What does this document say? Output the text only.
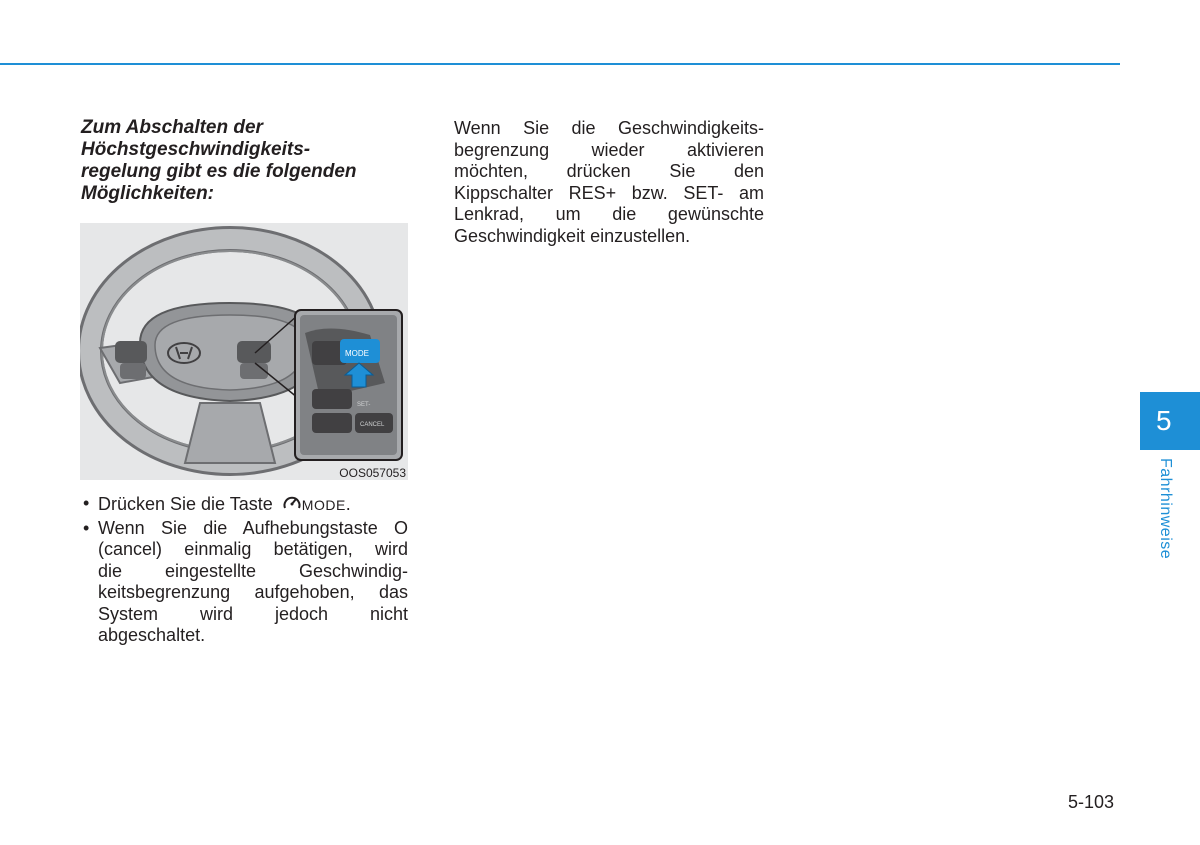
Zum Abschalten der
Höchstgeschwindigkeits-
regelung gibt es die folgenden
Möglichkeiten:
MODE
SET-
CANCEL
OOS057053
• Drücken Sie die Taste MODE.
• Wenn Sie die Aufhebungstaste O
(cancel) einmalig betätigen, wird
die eingestellte Geschwindig-
keitsbegrenzung aufgehoben, das
System wird jedoch nicht
abgeschaltet.
Wenn Sie die Geschwindigkeits-
begrenzung wieder aktivieren
möchten, drücken Sie den
Kippschalter RES+ bzw. SET- am
Lenkrad, um die gewünschte
Geschwindigkeit einzustellen.
5
Fahrhinweise
5-103
